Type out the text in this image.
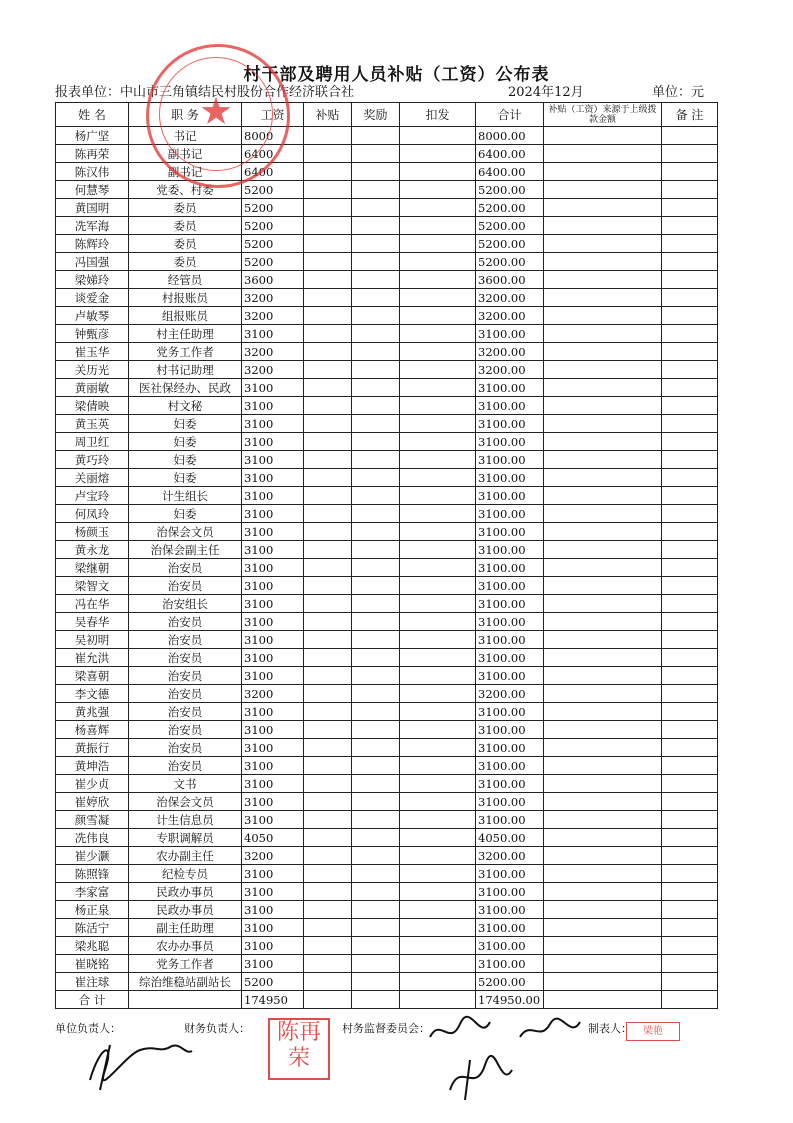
村干部及聘用人员补贴（工资）公布表
报表单位：中山市三角镇结民村股份合作经济联合社	2024年12月	单位：元
姓 名	职 务	工资	补贴	奖励	扣发	合计	补贴（工资）来源于上级拨款金额	备 注
杨广坚	书记	8000				8000.00		
陈再荣	副书记	6400				6400.00		
陈汉伟	副书记	6400				6400.00		
何慧琴	党委、村委	5200				5200.00		
黄国明	委员	5200				5200.00		
冼军海	委员	5200				5200.00		
陈辉玲	委员	5200				5200.00		
冯国强	委员	5200				5200.00		
梁娣玲	经管员	3600				3600.00		
谈爱金	村报账员	3200				3200.00		
卢敏琴	组报账员	3200				3200.00		
钟甄彦	村主任助理	3100				3100.00		
崔玉华	党务工作者	3200				3200.00		
关历光	村书记助理	3200				3200.00		
黄丽敏	医社保经办、民政	3100				3100.00		
梁倩映	村文秘	3100				3100.00		
黄玉英	妇委	3100				3100.00		
周卫红	妇委	3100				3100.00		
黄巧玲	妇委	3100				3100.00		
关丽熔	妇委	3100				3100.00		
卢宝玲	计生组长	3100				3100.00		
何凤玲	妇委	3100				3100.00		
杨颜玉	治保会文员	3100				3100.00		
黄永龙	治保会副主任	3100				3100.00		
梁继朝	治安员	3100				3100.00		
梁智文	治安员	3100				3100.00		
冯在华	治安组长	3100				3100.00		
吴春华	治安员	3100				3100.00		
吴初明	治安员	3100				3100.00		
崔允洪	治安员	3100				3100.00		
梁喜朝	治安员	3100				3100.00		
李文德	治安员	3200				3200.00		
黄兆强	治安员	3100				3100.00		
杨喜辉	治安员	3100				3100.00		
黄振行	治安员	3100				3100.00		
黄坤浩	治安员	3100				3100.00		
崔少贞	文书	3100				3100.00		
崔婷欣	治保会文员	3100				3100.00		
颜雪凝	计生信息员	3100				3100.00		
冼伟良	专职调解员	4050				4050.00		
崔少灏	农办副主任	3200				3200.00		
陈照锋	纪检专员	3100				3100.00		
李家富	民政办事员	3100				3100.00		
杨正泉	民政办事员	3100				3100.00		
陈活宁	副主任助理	3100				3100.00		
梁兆聪	农办办事员	3100				3100.00		
崔晓铭	党务工作者	3100				3100.00		
崔注球	综治维稳站副站长	5200				5200.00		
合 计		174950				174950.00		
★
单位负责人：	财务负责人：	村务监督委员会：	制表人：
陈再荣
梁艳
